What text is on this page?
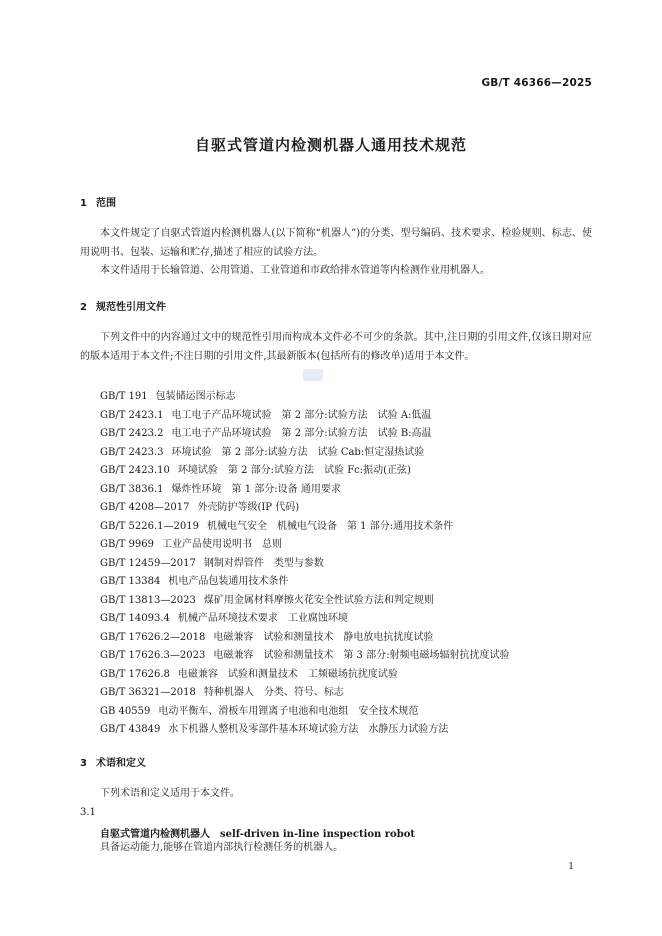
GB/T 46366—2025
自驱式管道内检测机器人通用技术规范
1 范围
本文件规定了自驱式管道内检测机器人(以下简称“机器人”)的分类、型号编码、技术要求、检验规则、标志、使用说明书、包装、运输和贮存,描述了相应的试验方法。
本文件适用于长输管道、公用管道、工业管道和市政给排水管道等内检测作业用机器人。
2 规范性引用文件
下列文件中的内容通过文中的规范性引用而构成本文件必不可少的条款。其中,注日期的引用文件,仅该日期对应的版本适用于本文件;不注日期的引用文件,其最新版本(包括所有的修改单)适用于本文件。
GB/T 191 包装储运图示标志
GB/T 2423.1 电工电子产品环境试验　第 2 部分:试验方法　试验 A:低温
GB/T 2423.2 电工电子产品环境试验　第 2 部分:试验方法　试验 B:高温
GB/T 2423.3 环境试验　第 2 部分:试验方法　试验 Cab:恒定湿热试验
GB/T 2423.10 环境试验　第 2 部分:试验方法　试验 Fc:振动(正弦)
GB/T 3836.1 爆炸性环境　第 1 部分:设备 通用要求
GB/T 4208—2017 外壳防护等级(IP 代码)
GB/T 5226.1—2019 机械电气安全　机械电气设备　第 1 部分:通用技术条件
GB/T 9969 工业产品使用说明书　总则
GB/T 12459—2017 钢制对焊管件　类型与参数
GB/T 13384 机电产品包装通用技术条件
GB/T 13813—2023 煤矿用金属材料摩擦火花安全性试验方法和判定规则
GB/T 14093.4 机械产品环境技术要求　工业腐蚀环境
GB/T 17626.2—2018 电磁兼容　试验和测量技术　静电放电抗扰度试验
GB/T 17626.3—2023 电磁兼容　试验和测量技术　第 3 部分:射频电磁场辐射抗扰度试验
GB/T 17626.8 电磁兼容　试验和测量技术　工频磁场抗扰度试验
GB/T 36321—2018 特种机器人　分类、符号、标志
GB 40559 电动平衡车、滑板车用锂离子电池和电池组　安全技术规范
GB/T 43849 水下机器人整机及零部件基本环境试验方法　水静压力试验方法
3 术语和定义
下列术语和定义适用于本文件。
3.1
自驱式管道内检测机器人 self-driven in-line inspection robot
具备运动能力,能够在管道内部执行检测任务的机器人。
1
